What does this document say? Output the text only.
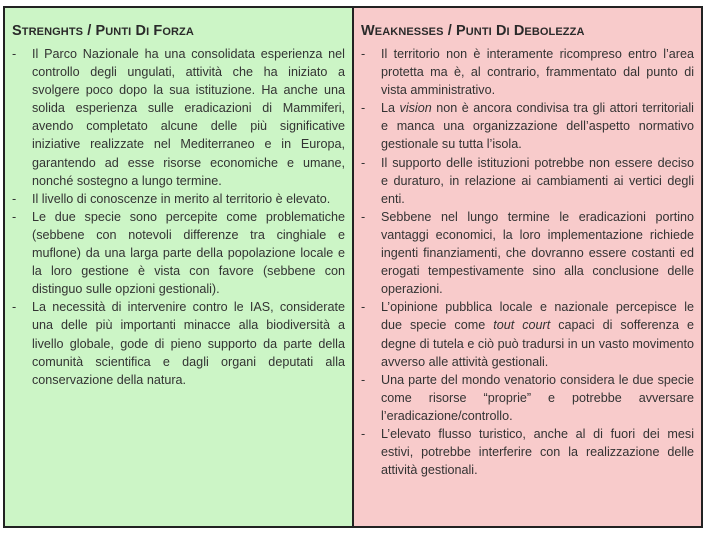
STRENGHTS / PUNTI DI FORZA
-	Il Parco Nazionale ha una consolidata esperienza nel controllo degli ungulati, attività che ha iniziato a svolgere poco dopo la sua istituzione. Ha anche una solida esperienza sulle eradicazioni di Mammiferi, avendo completato alcune delle più significative iniziative realizzate nel Mediterraneo e in Europa, garantendo ad esse risorse economiche e umane, nonché sostegno a lungo termine.
-	Il livello di conoscenze in merito al territorio è elevato.
-	Le due specie sono percepite come problematiche (sebbene con notevoli differenze tra cinghiale e muflone) da una larga parte della popolazione locale e la loro gestione è vista con favore (sebbene con distinguo sulle opzioni gestionali).
-	La necessità di intervenire contro le IAS, considerate una delle più importanti minacce alla biodiversità a livello globale, gode di pieno supporto da parte della comunità scientifica e dagli organi deputati alla conservazione della natura.
WEAKNESSES / PUNTI DI DEBOLEZZA
-	Il territorio non è interamente ricompreso entro l’area protetta ma è, al contrario, frammentato dal punto di vista amministrativo.
-	La vision non è ancora condivisa tra gli attori territoriali e manca una organizzazione dell’aspetto normativo gestionale su tutta l’isola.
-	Il supporto delle istituzioni potrebbe non essere deciso e duraturo, in relazione ai cambiamenti ai vertici degli enti.
-	Sebbene nel lungo termine le eradicazioni portino vantaggi economici, la loro implementazione richiede ingenti finanziamenti, che dovranno essere costanti ed erogati tempestivamente sino alla conclusione delle operazioni.
-	L’opinione pubblica locale e nazionale percepisce le due specie come tout court capaci di sofferenza e degne di tutela e ciò può tradursi in un vasto movimento avverso alle attività gestionali.
-	Una parte del mondo venatorio considera le due specie come risorse “proprie” e potrebbe avversare l’eradicazione/controllo.
-	L’elevato flusso turistico, anche al di fuori dei mesi estivi, potrebbe interferire con la realizzazione delle attività gestionali.
